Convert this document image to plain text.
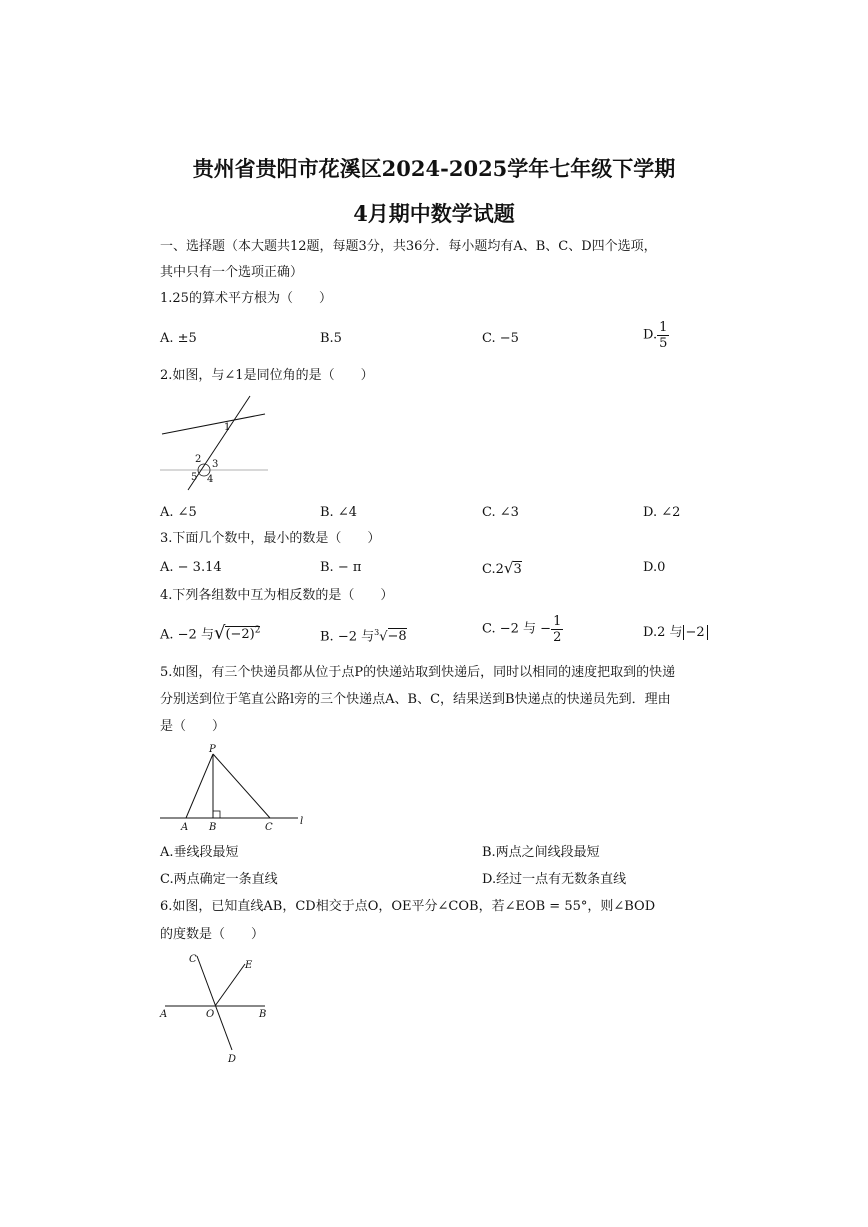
贵州省贵阳市花溪区2024-2025学年七年级下学期
4月期中数学试题
一、选择题（本大题共12题，每题3分，共36分．每小题均有A、B、C、D四个选项，
其中只有一个选项正确）
1.25的算术平方根为（　　）
A. ±5	B.5	C. −5	D. $\frac{1}{5}$
2.如图，与∠1是同位角的是（　　）
1
2 3
5 4
A. ∠5	B. ∠4	C. ∠3	D. ∠2
3.下面几个数中，最小的数是（　　）
A. − 3.14	B. − π	C.2√3	D.0
4.下列各组数中互为相反数的是（　　）
A. −2 与$√(-2)^2$	B. −2 与$^3$√−8
C. −2 与 − $\frac{1}{2}$	D.2 与 −2
5.如图，有三个快递员都从位于点P的快递站取到快递后，同时以相同的速度把取到的快递
分别送到位于笔直公路l旁的三个快递点A、B、C，结果送到B快递点的快递员先到．理由
是（　　）
P
A B	C
l
A.垂线段最短	B.两点之间线段最短
C.两点确定一条直线	D.经过一点有无数条直线
6.如图，已知直线AB，CD相交于点O，OE平分∠COB，若∠EOB = 55°，则∠BOD
的度数是（　　）
C
E
A	O	B
D
